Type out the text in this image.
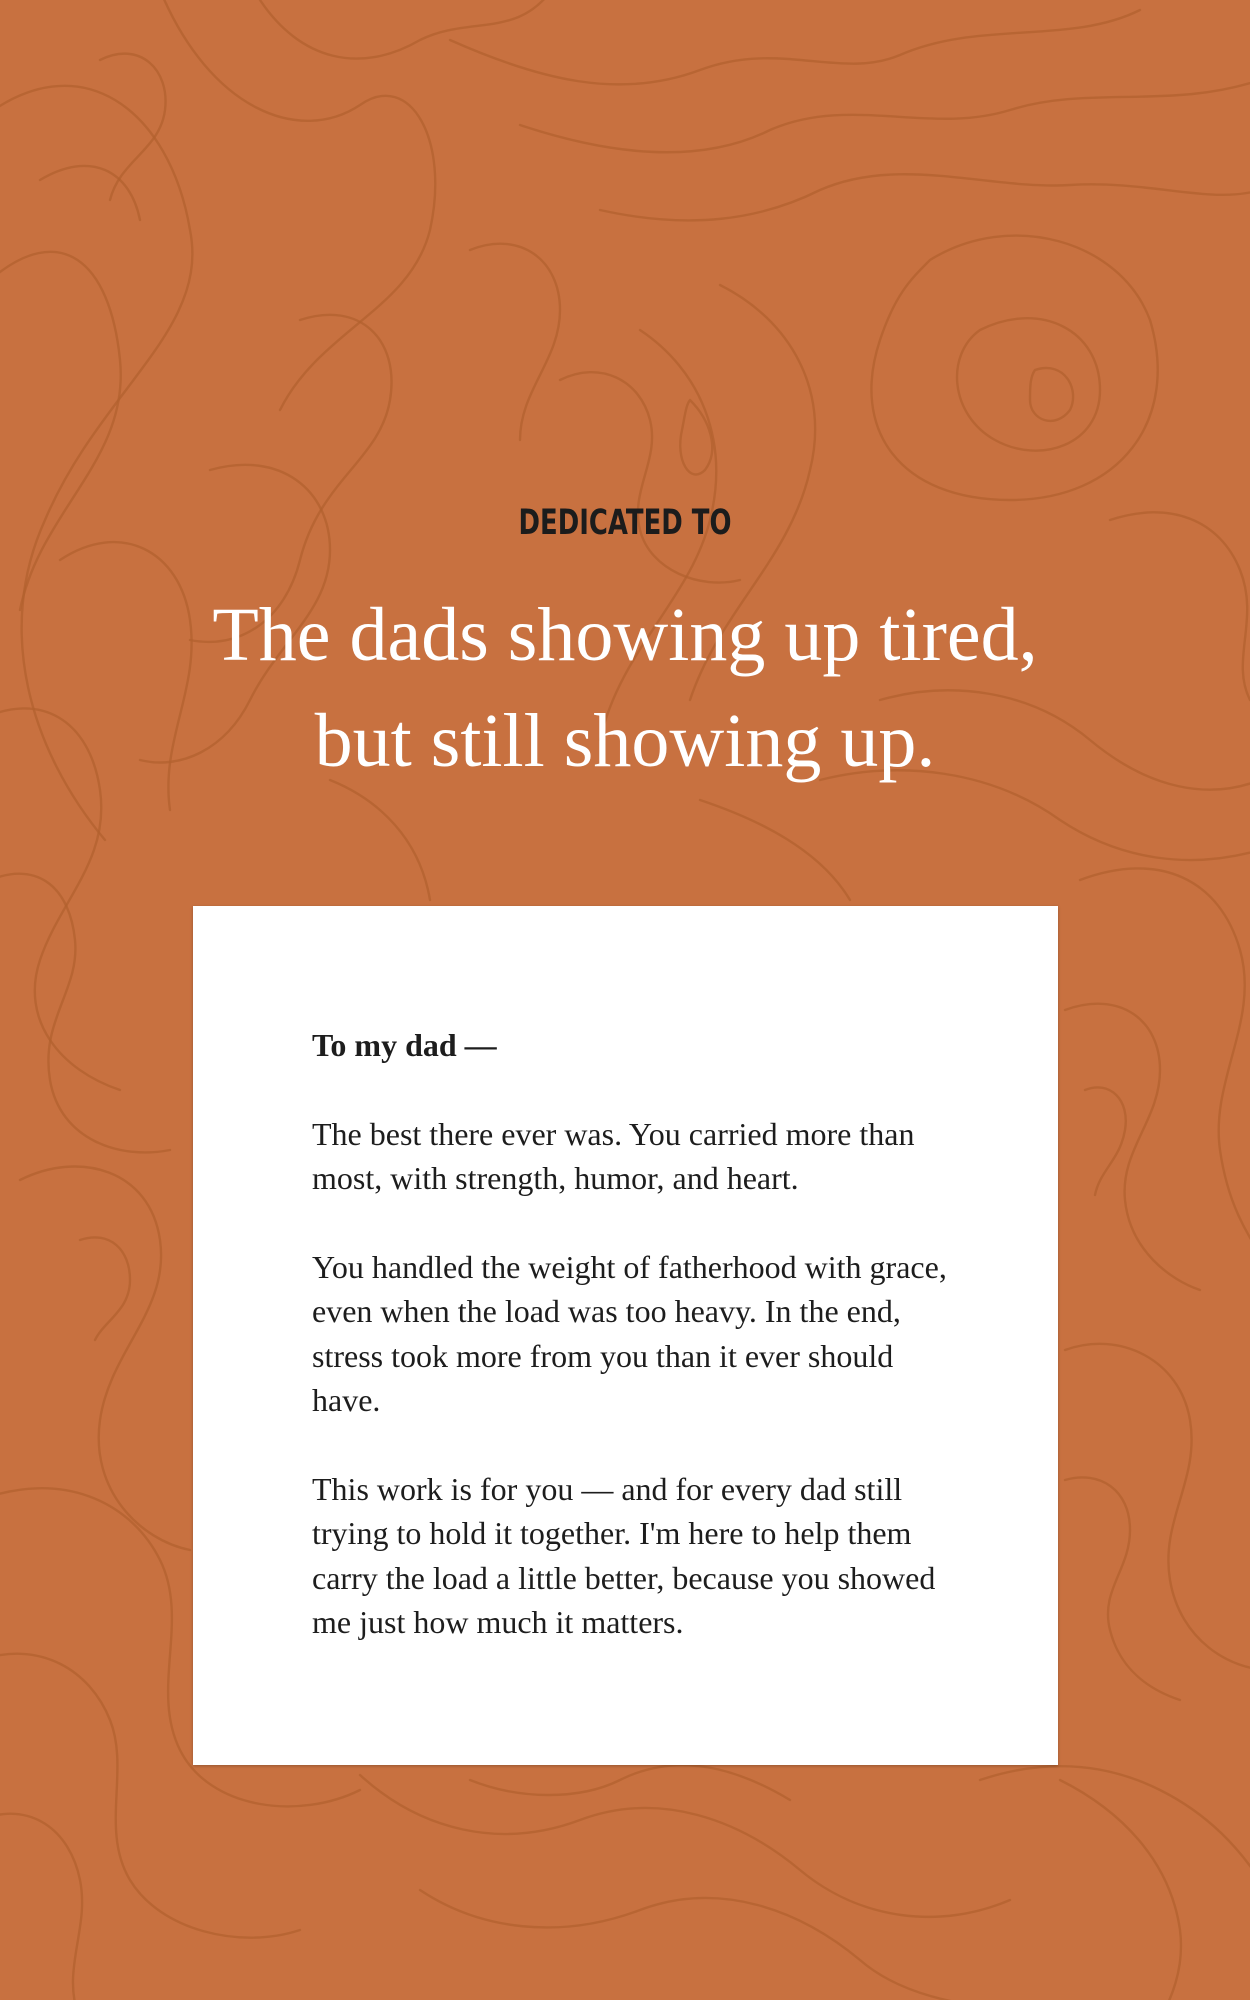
DEDICATED TO
The dads showing up tired,
but still showing up.

To my dad —

The best there ever was. You carried more than most, with strength, humor, and heart.

You handled the weight of fatherhood with grace, even when the load was too heavy. In the end, stress took more from you than it ever should have.

This work is for you — and for every dad still trying to hold it together. I'm here to help them carry the load a little better, because you showed me just how much it matters.
